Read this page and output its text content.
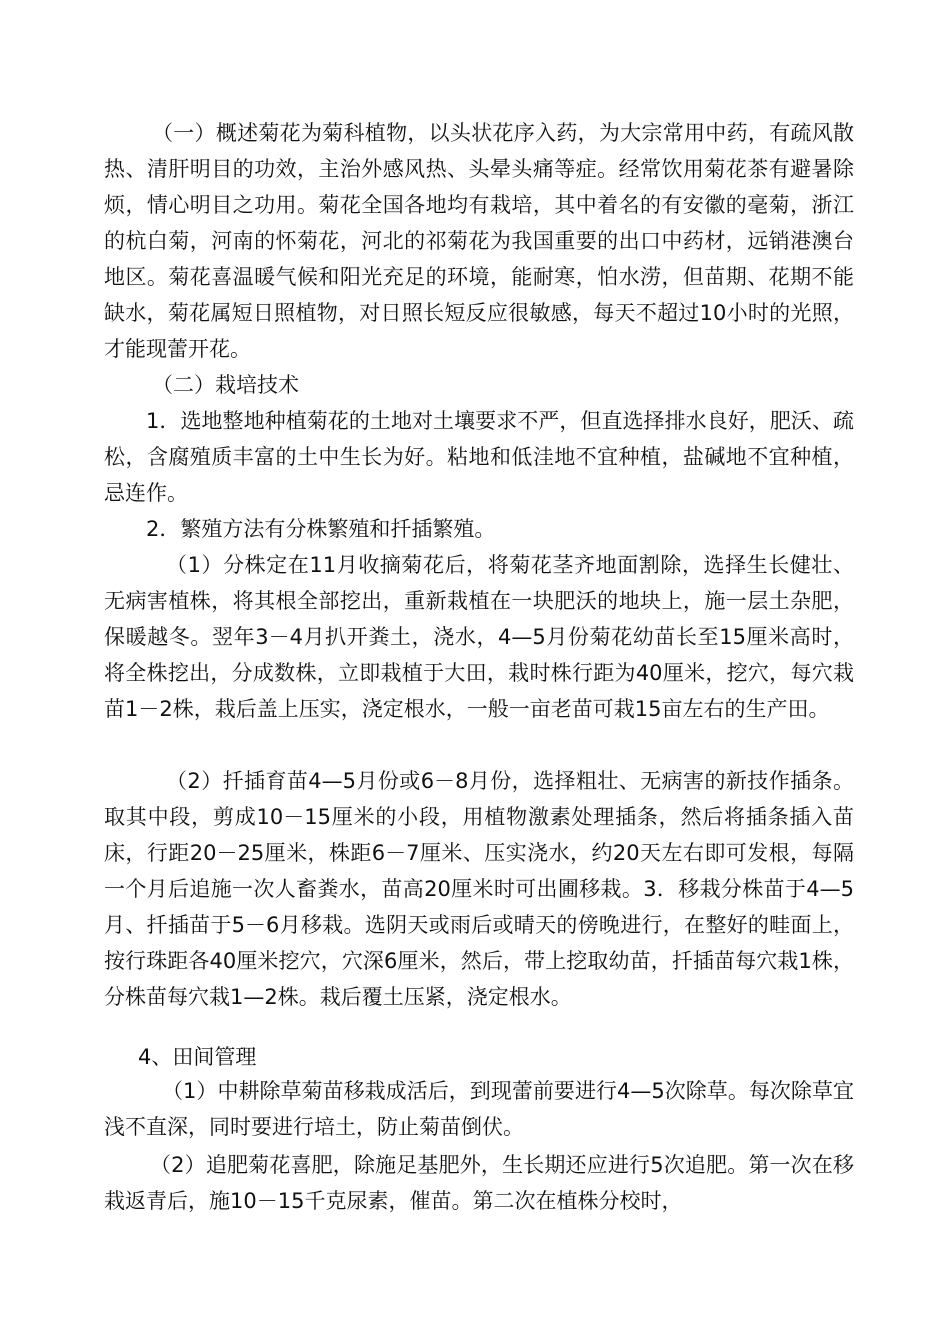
（一）概述菊花为菊科植物，以头状花序入药，为大宗常用中药，有疏风散热、清肝明目的功效，主治外感风热、头晕头痛等症。经常饮用菊花茶有避暑除烦，情心明目之功用。菊花全国各地均有栽培，其中着名的有安徽的毫菊，浙江的杭白菊，河南的怀菊花，河北的祁菊花为我国重要的出口中药材，远销港澳台地区。菊花喜温暖气候和阳光充足的环境，能耐寒，怕水涝，但苗期、花期不能缺水，菊花属短日照植物，对日照长短反应很敏感，每天不超过10小时的光照，才能现蕾开花。

（二）栽培技术

1．选地整地种植菊花的土地对土壤要求不严，但直选择排水良好，肥沃、疏松，含腐殖质丰富的土中生长为好。粘地和低洼地不宜种植，盐碱地不宜种植，忌连作。

2．繁殖方法有分株繁殖和扦插繁殖。

（1）分株定在11月收摘菊花后，将菊花茎齐地面割除，选择生长健壮、无病害植株，将其根全部挖出，重新栽植在一块肥沃的地块上，施一层土杂肥，保暖越冬。翌年3－4月扒开粪土，浇水，4—5月份菊花幼苗长至15厘米高时，将全株挖出，分成数株，立即栽植于大田，栽时株行距为40厘米，挖穴，每穴栽苗1－2株，栽后盖上压实，浇定根水，一般一亩老苗可栽15亩左右的生产田。

（2）扦插育苗4—5月份或6－8月份，选择粗壮、无病害的新技作插条。取其中段，剪成10－15厘米的小段，用植物激素处理插条，然后将插条插入苗床，行距20－25厘米，株距6－7厘米、压实浇水，约20天左右即可发根，每隔一个月后追施一次人畜粪水，苗高20厘米时可出圃移栽。3．移栽分株苗于4—5月、扦插苗于5－6月移栽。选阴天或雨后或晴天的傍晚进行，在整好的畦面上，按行珠距各40厘米挖穴，穴深6厘米，然后，带上挖取幼苗，扦插苗每穴栽1株，分株苗每穴栽1—2株。栽后覆土压紧，浇定根水。

4、田间管理

（1）中耕除草菊苗移栽成活后，到现蕾前要进行4—5次除草。每次除草宜浅不直深，同时要进行培土，防止菊苗倒伏。

（2）追肥菊花喜肥，除施足基肥外，生长期还应进行5次追肥。第一次在移栽返青后，施10－15千克尿素，催苗。第二次在植株分校时，
